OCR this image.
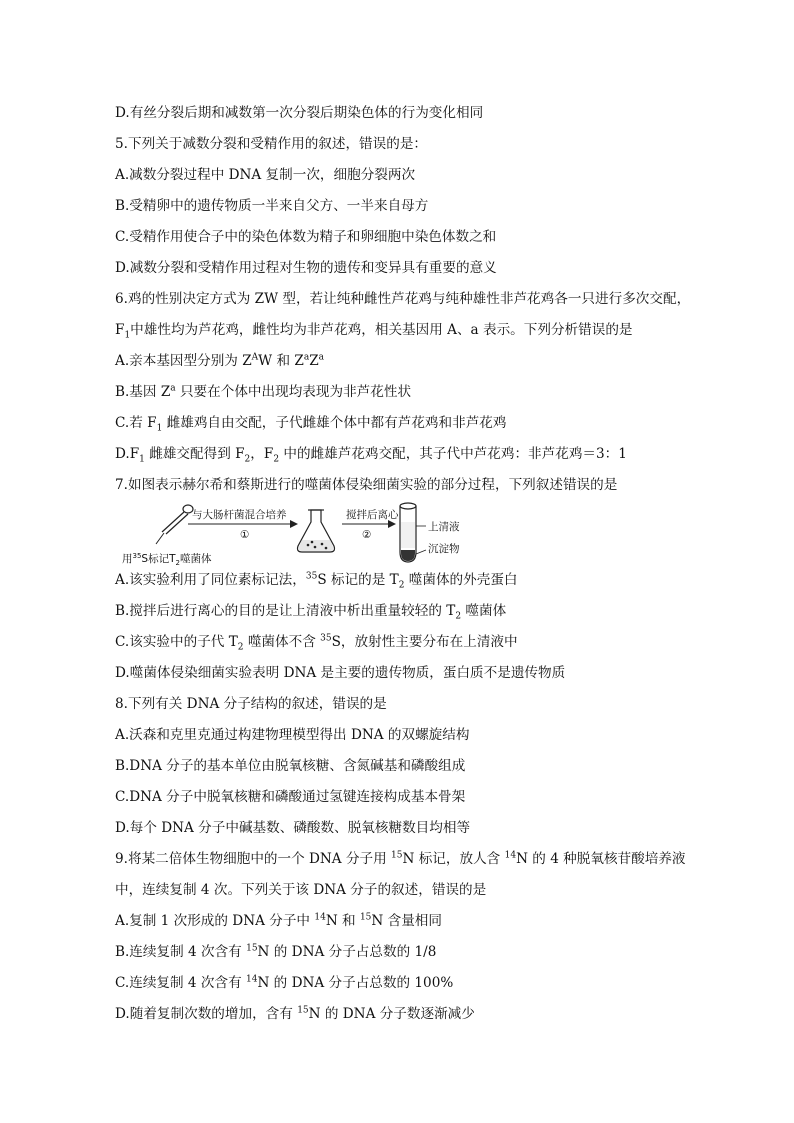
D.有丝分裂后期和减数第一次分裂后期染色体的行为变化相同
5.下列关于减数分裂和受精作用的叙述，错误的是：
A.减数分裂过程中 DNA 复制一次，细胞分裂两次
B.受精卵中的遗传物质一半来自父方、一半来自母方
C.受精作用使合子中的染色体数为精子和卵细胞中染色体数之和
D.减数分裂和受精作用过程对生物的遗传和变异具有重要的意义
6.鸡的性别决定方式为 ZW 型，若让纯种雌性芦花鸡与纯种雄性非芦花鸡各一只进行多次交配，
$F_1$中雄性均为芦花鸡，雌性均为非芦花鸡，相关基因用 A、a 表示。下列分析错误的是
A.亲本基因型分别为 $Z^AW$ 和 $Z^aZ^a$
B.基因 $Z^a$ 只要在个体中出现均表现为非芦花性状
C.若 $F_1$ 雌雄鸡自由交配，子代雌雄个体中都有芦花鸡和非芦花鸡
$D.F_1$ 雌雄交配得到 $F_2$，$F_2$ 中的雌雄芦花鸡交配，其子代中芦花鸡：非芦花鸡＝3：1
7.如图表示赫尔希和蔡斯进行的噬菌体侵染细菌实验的部分过程，下列叙述错误的是
用$^{35}$S标记$T_2$噬菌体
与大肠杆菌混合培养
①
搅拌后离心
②
上清液
沉淀物
A.该实验利用了同位素标记法，$^{35}$S 标记的是 $T_2$ 噬菌体的外壳蛋白
B.搅拌后进行离心的目的是让上清液中析出重量较轻的 $T_2$ 噬菌体
C.该实验中的子代 $T_2$ 噬菌体不含 $^{35}$S，放射性主要分布在上清液中
D.噬菌体侵染细菌实验表明 DNA 是主要的遗传物质，蛋白质不是遗传物质
8.下列有关 DNA 分子结构的叙述，错误的是
A.沃森和克里克通过构建物理模型得出 DNA 的双螺旋结构
B.DNA 分子的基本单位由脱氧核糖、含氮碱基和磷酸组成
C.DNA 分子中脱氧核糖和磷酸通过氢键连接构成基本骨架
D.每个 DNA 分子中碱基数、磷酸数、脱氧核糖数目均相等
9.将某二倍体生物细胞中的一个 DNA 分子用 $^{15}$N 标记，放人含 $^{14}$N 的 4 种脱氧核苷酸培养液
中，连续复制 4 次。下列关于该 DNA 分子的叙述，错误的是
A.复制 1 次形成的 DNA 分子中 $^{14}$N 和 $^{15}$N 含量相同
B.连续复制 4 次含有 $^{15}$N 的 DNA 分子占总数的 1/8
C.连续复制 4 次含有 $^{14}$N 的 DNA 分子占总数的 100%
D.随着复制次数的增加，含有 $^{15}$N 的 DNA 分子数逐渐减少
